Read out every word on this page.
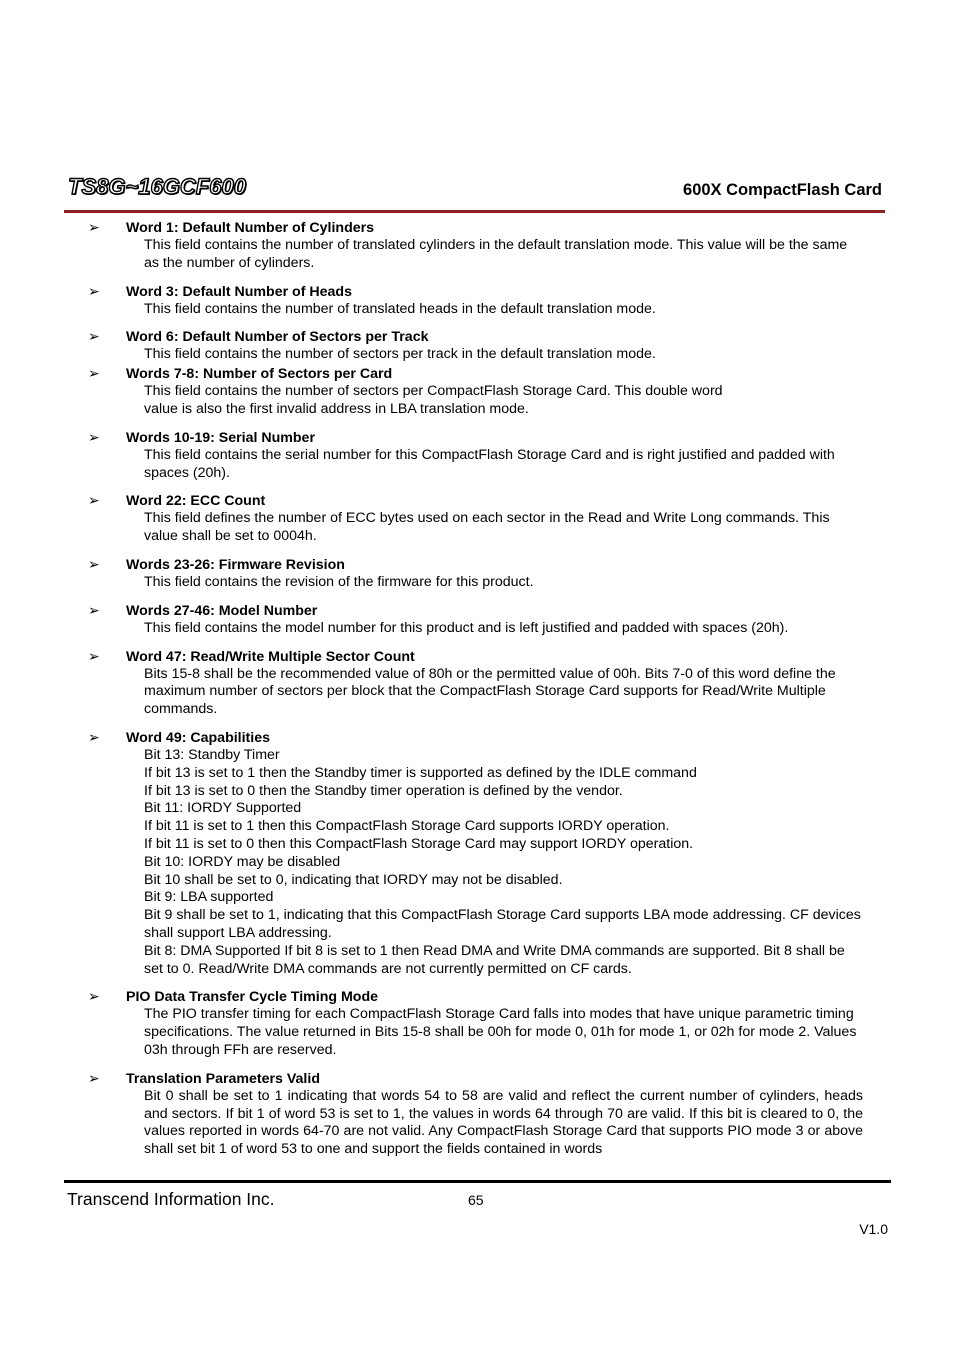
TS8G~16GCF600	600X CompactFlash Card
➢ Word 1: Default Number of Cylinders
This field contains the number of translated cylinders in the default translation mode. This value will be the same as the number of cylinders.
➢ Word 3: Default Number of Heads
This field contains the number of translated heads in the default translation mode.
➢ Word 6: Default Number of Sectors per Track
This field contains the number of sectors per track in the default translation mode.
➢ Words 7-8: Number of Sectors per Card
This field contains the number of sectors per CompactFlash Storage Card. This double word
value is also the first invalid address in LBA translation mode.
➢ Words 10-19: Serial Number
This field contains the serial number for this CompactFlash Storage Card and is right justified and padded with spaces (20h).
➢ Word 22: ECC Count
This field defines the number of ECC bytes used on each sector in the Read and Write Long commands. This value shall be set to 0004h.
➢ Words 23-26: Firmware Revision
This field contains the revision of the firmware for this product.
➢ Words 27-46: Model Number
This field contains the model number for this product and is left justified and padded with spaces (20h).
➢ Word 47: Read/Write Multiple Sector Count
Bits 15-8 shall be the recommended value of 80h or the permitted value of 00h. Bits 7-0 of this word define the maximum number of sectors per block that the CompactFlash Storage Card supports for Read/Write Multiple commands.
➢ Word 49: Capabilities
Bit 13: Standby Timer
If bit 13 is set to 1 then the Standby timer is supported as defined by the IDLE command
If bit 13 is set to 0 then the Standby timer operation is defined by the vendor.
Bit 11: IORDY Supported
If bit 11 is set to 1 then this CompactFlash Storage Card supports IORDY operation.
If bit 11 is set to 0 then this CompactFlash Storage Card may support IORDY operation.
Bit 10: IORDY may be disabled
Bit 10 shall be set to 0, indicating that IORDY may not be disabled.
Bit 9: LBA supported
Bit 9 shall be set to 1, indicating that this CompactFlash Storage Card supports LBA mode addressing. CF devices shall support LBA addressing.
Bit 8: DMA Supported If bit 8 is set to 1 then Read DMA and Write DMA commands are supported. Bit 8 shall be set to 0. Read/Write DMA commands are not currently permitted on CF cards.
➢ PIO Data Transfer Cycle Timing Mode
The PIO transfer timing for each CompactFlash Storage Card falls into modes that have unique parametric timing specifications. The value returned in Bits 15-8 shall be 00h for mode 0, 01h for mode 1, or 02h for mode 2. Values 03h through FFh are reserved.
➢ Translation Parameters Valid
Bit 0 shall be set to 1 indicating that words 54 to 58 are valid and reflect the current number of cylinders, heads and sectors. If bit 1 of word 53 is set to 1, the values in words 64 through 70 are valid. If this bit is cleared to 0, the values reported in words 64-70 are not valid. Any CompactFlash Storage Card that supports PIO mode 3 or above shall set bit 1 of word 53 to one and support the fields contained in words
Transcend Information Inc.	65
V1.0
